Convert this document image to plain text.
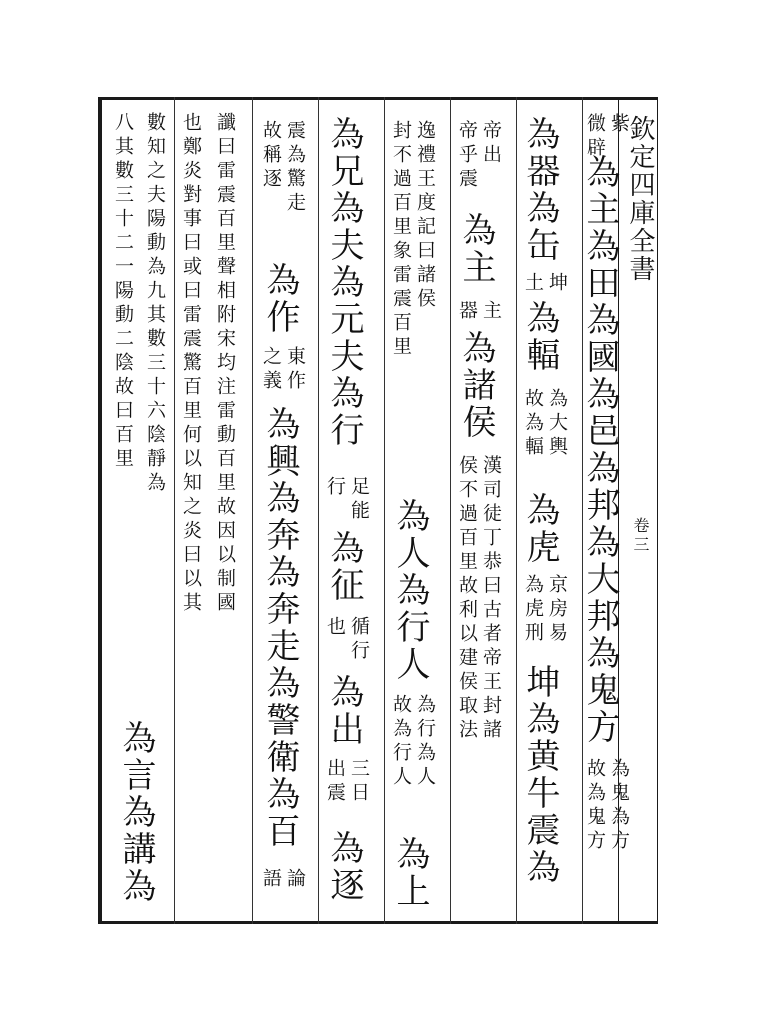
欽定四庫全書
卷三
紫
微辟
為主為田為國為邑為邦為大邦為鬼方
為鬼為方
故為鬼方
為器為缶
坤
土
為輻
為大輿
故為輻
為虎
京房易
為虎刑
坤為黄牛震為
帝出
帝乎震
為主
主
器
為諸侯
漢司徒丁恭曰古者帝王封諸
侯不過百里故利以建侯取法
逸禮王度記曰諸侯
封不過百里象雷震百里
為人為行人
為行為人
故為行人
為上
為兄為夫為元夫為行
足能
行
為征
循行
也
為出
三日
出震
為逐
震為驚走
故稱逐
為作
東作
之義
為興為奔為奔走為警衛為百
論
語
讖曰雷震百里聲相附宋均注雷動百里故因以制國
也鄭炎對事曰或曰雷震驚百里何以知之炎曰以其
數知之夫陽動為九其數三十六陰靜為
八其數三十二一陽動二陰故曰百里
為言為講為
